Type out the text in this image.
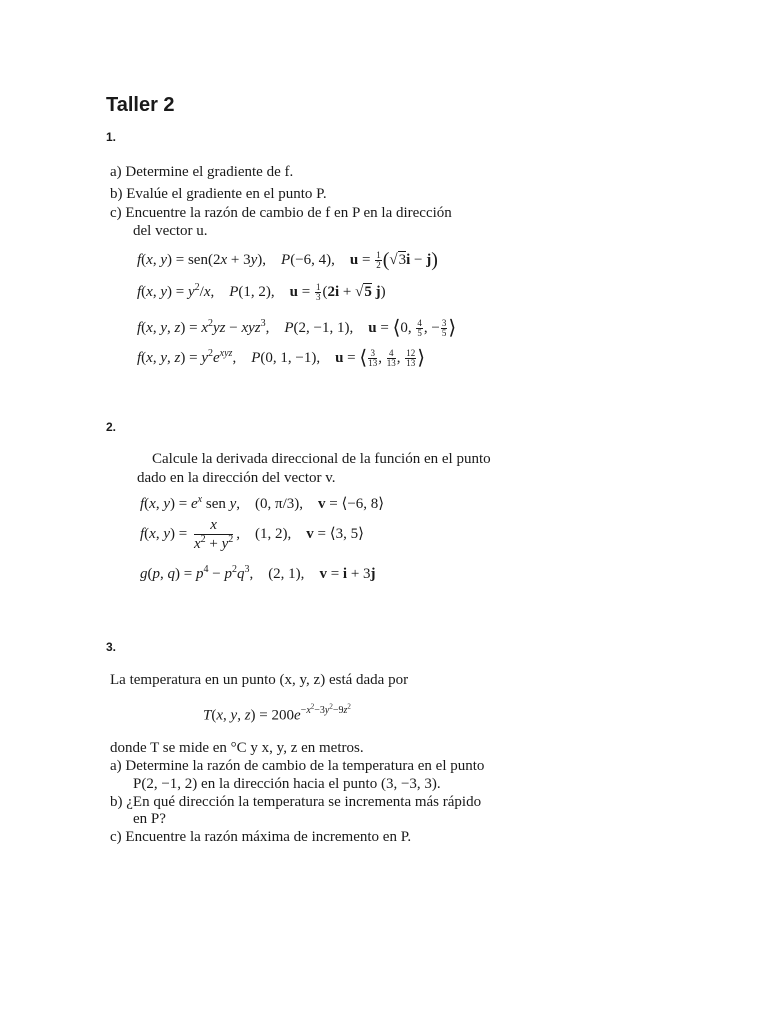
Taller 2
1.
a) Determine el gradiente de f.
b) Evalúe el gradiente en el punto P.
c) Encuentre la razón de cambio de f en P en la dirección
del vector u.
f(x, y) = sen(2x + 3y),    P(−6, 4),    $u = \frac{1}{2} (√3i - j)$
f(x, $y) = y^2/x$,    P(1, 2),    $u = \frac{1}{3} (2i + √5$ j)
f(x, y, $z) = x^2yz - xyz^3$,    P(2, −1, 1),    u = ⟨0, $\frac{4}{5}$ , − $\frac{3}{5}$ ⟩
f(x, y, $z) = y^2e^{xyz}$,    P(0, 1, −1),    u = ⟨ $\frac{3}{13}$ , $\frac{4}{13}$ , $\frac{12}{13}$ ⟩
2.
Calcule la derivada direccional de la función en el punto
dado en la dirección del vector v.
f(x, $y) = e^x$ sen y,    (0, π/3),    v = ⟨−6, 8⟩
f(x, $y) = \frac{x}{x^2 + y^2}$ ,    (1, 2),    v = ⟨3, 5⟩
g(p, $q) = p^4 - p^2q^3$,    (2, 1),    v = i + 3j
3.
La temperatura en un punto (x, y, z) está dada por
T(x, y, $z) = 200e^{-x^2-3y^2-9z^2}$
donde T se mide en °C y x, y, z en metros.
a) Determine la razón de cambio de la temperatura en el punto
P(2, −1, 2) en la dirección hacia el punto (3, −3, 3).
b) ¿En qué dirección la temperatura se incrementa más rápido
en P?
c) Encuentre la razón máxima de incremento en P.
